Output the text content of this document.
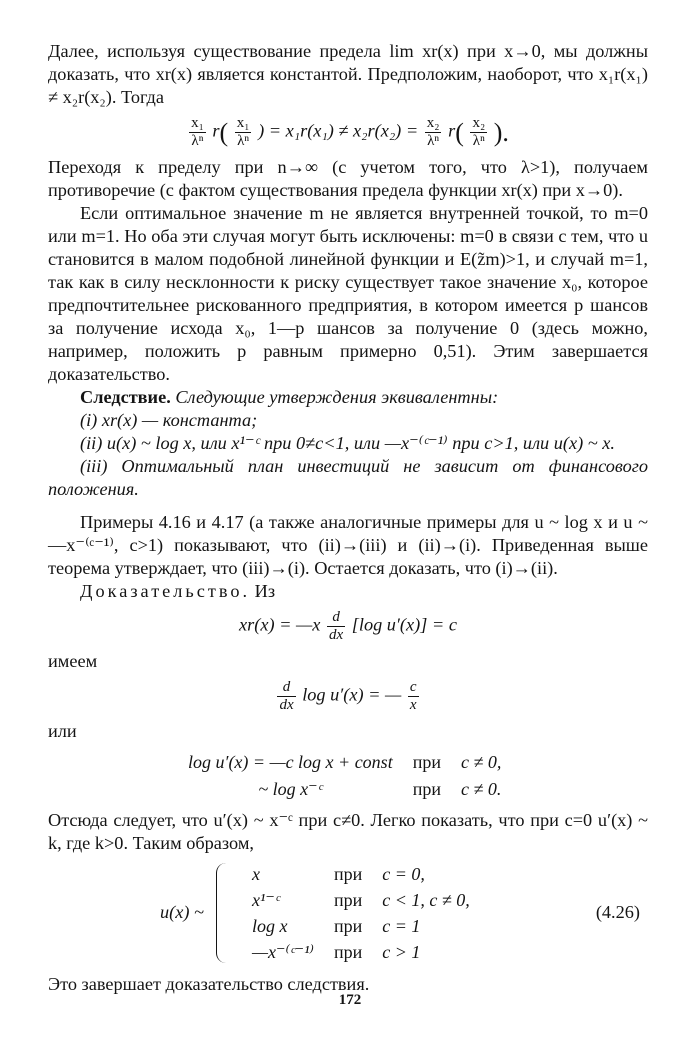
Далее, используя существование предела lim xr(x) при x→0, мы должны доказать, что xr(x) является константой. Предположим, наоборот, что x₁r(x₁) ≠ x₂r(x₂). Тогда

$\frac{\text{x₁}}{\text{λⁿ}} r( \frac{\text{x₁}}{\text{λⁿ}}$ ) = $x_1r(x_1) \ne x_2r(x_2) = \frac{\text{x₂}}{\text{λⁿ}} r( \frac{\text{x₂}}{\text{λⁿ}}$ ).

Переходя к пределу при n→∞ (с учетом того, что λ>1), получаем противоречие (с фактом существования предела функции xr(x) при x→0).

Если оптимальное значение m не является внутренней точкой, то m=0 или m=1. Но оба эти случая могут быть исключены: m=0 в связи с тем, что u становится в малом подобной линейной функции и E(z̃m)>1, и случай m=1, так как в силу несклонности к риску существует такое значение x₀, которое предпочтительнее рискованного предприятия, в котором имеется p шансов за получение исхода x₀, 1—p шансов за получение 0 (здесь можно, например, положить p равным примерно 0,51). Этим завершается доказательство.

Следствие. Следующие утверждения эквивалентны:

(i) xr(x) — константа;

(ii) u(x) ~ log x, или x¹⁻ᶜ при 0≠c<1, или —x⁻⁽ᶜ⁻¹⁾ при c>1, или u(x) ~ x.

(iii) Оптимальный план инвестиций не зависит от финансового положения.

Примеры 4.16 и 4.17 (а также аналогичные примеры для u ~ log x и u ~ —x⁻⁽ᶜ⁻¹⁾, c>1) показывают, что (ii)→(iii) и (ii)→(i). Приведенная выше теорема утверждает, что (iii)→(i). Остается доказать, что (i)→(ii).

Доказательство. Из

xr(x) = —x $\frac{d}{dx} [\log$ u′(x)] = c

имеем

$\frac{d}{dx}$ log u′(x) = — $\frac{c}{x}$

или

log u′(x) = —c log x + const	при	c ≠ 0,
~ log x⁻ᶜ	при	c ≠ 0.

Отсюда следует, что u′(x) ~ x⁻ᶜ при c≠0. Легко показать, что при c=0 u′(x) ~ k, где k>0. Таким образом,

u(x) ~
x	при	c = 0,
x¹⁻ᶜ	при	c < 1, c ≠ 0,
log x	при	c = 1
—x⁻⁽ᶜ⁻¹⁾	при	c > 1
(4.26)

Это завершает доказательство следствия.

172
